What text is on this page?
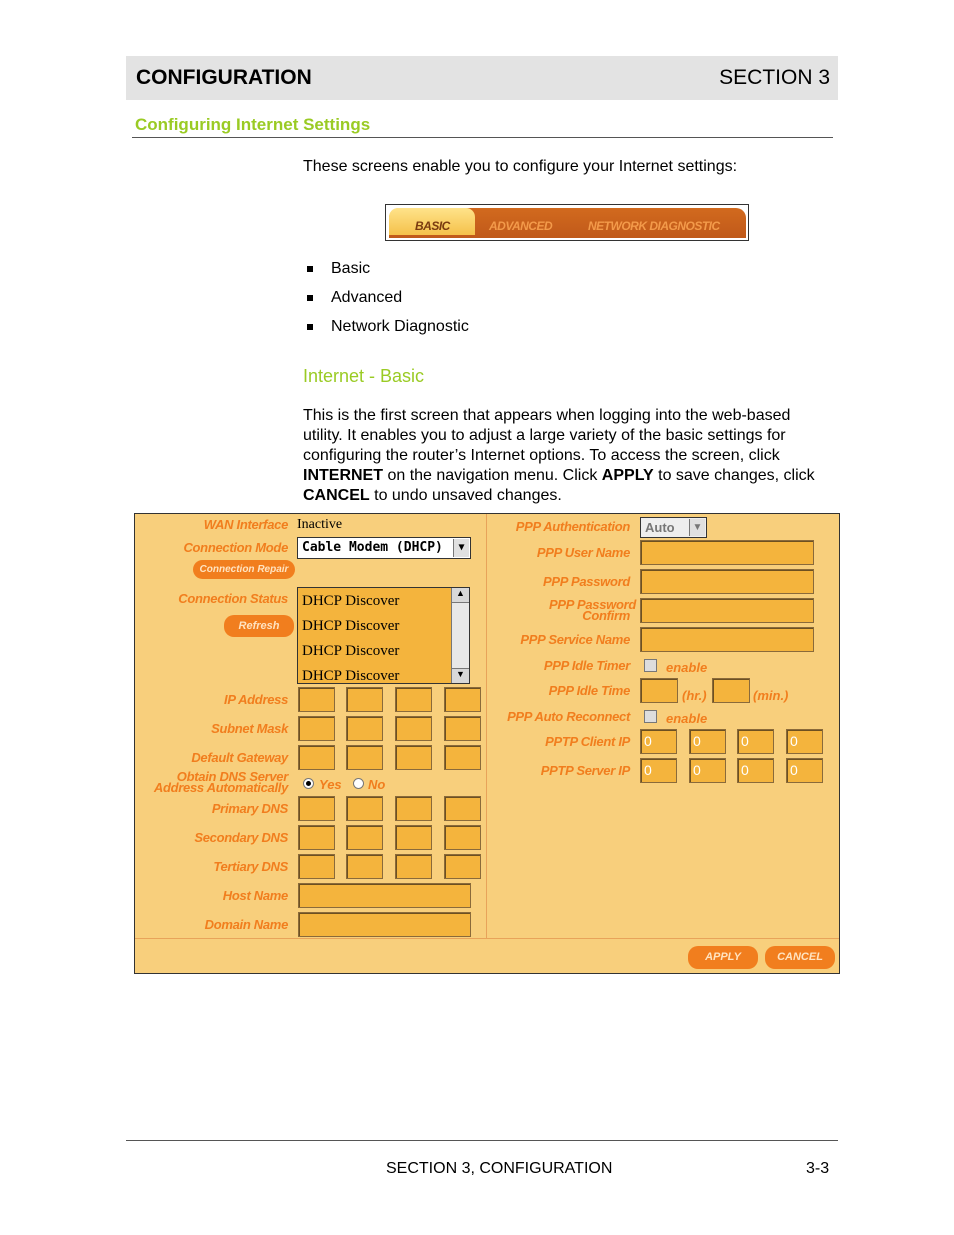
CONFIGURATION	SECTION 3
Configuring Internet Settings
These screens enable you to configure your Internet settings:
BASIC	ADVANCED	NETWORK DIAGNOSTIC
Basic
Advanced
Network Diagnostic
Internet - Basic
This is the first screen that appears when logging into the web-based utility. It enables you to adjust a large variety of the basic settings for configuring the router’s Internet options. To access the screen, click INTERNET on the navigation menu. Click APPLY to save changes, click CANCEL to undo unsaved changes.
WAN Interface Inactive
Connection Mode Cable Modem (DHCP)	▼
Connection Repair
Connection Status
Refresh
DHCP Discover
DHCP Discover
DHCP Discover
DHCP Discover
▲
▼
IP Address
Subnet Mask
Default Gateway
Obtain DNS Server
Address Automatically Yes No
Primary DNS
Secondary DNS
Tertiary DNS
Host Name
Domain Name
PPP Authentication Auto	▼
PPP User Name
PPP Password
PPP Password
Confirm
PPP Service Name
PPP Idle Timer	enable
PPP Idle Time	(hr.)	(min.)
PPP Auto Reconnect	enable
PPTP Client IP 0	0	0	0
PPTP Server IP 0	0	0	0
APPLY	CANCEL
SECTION 3, CONFIGURATION	3-3
